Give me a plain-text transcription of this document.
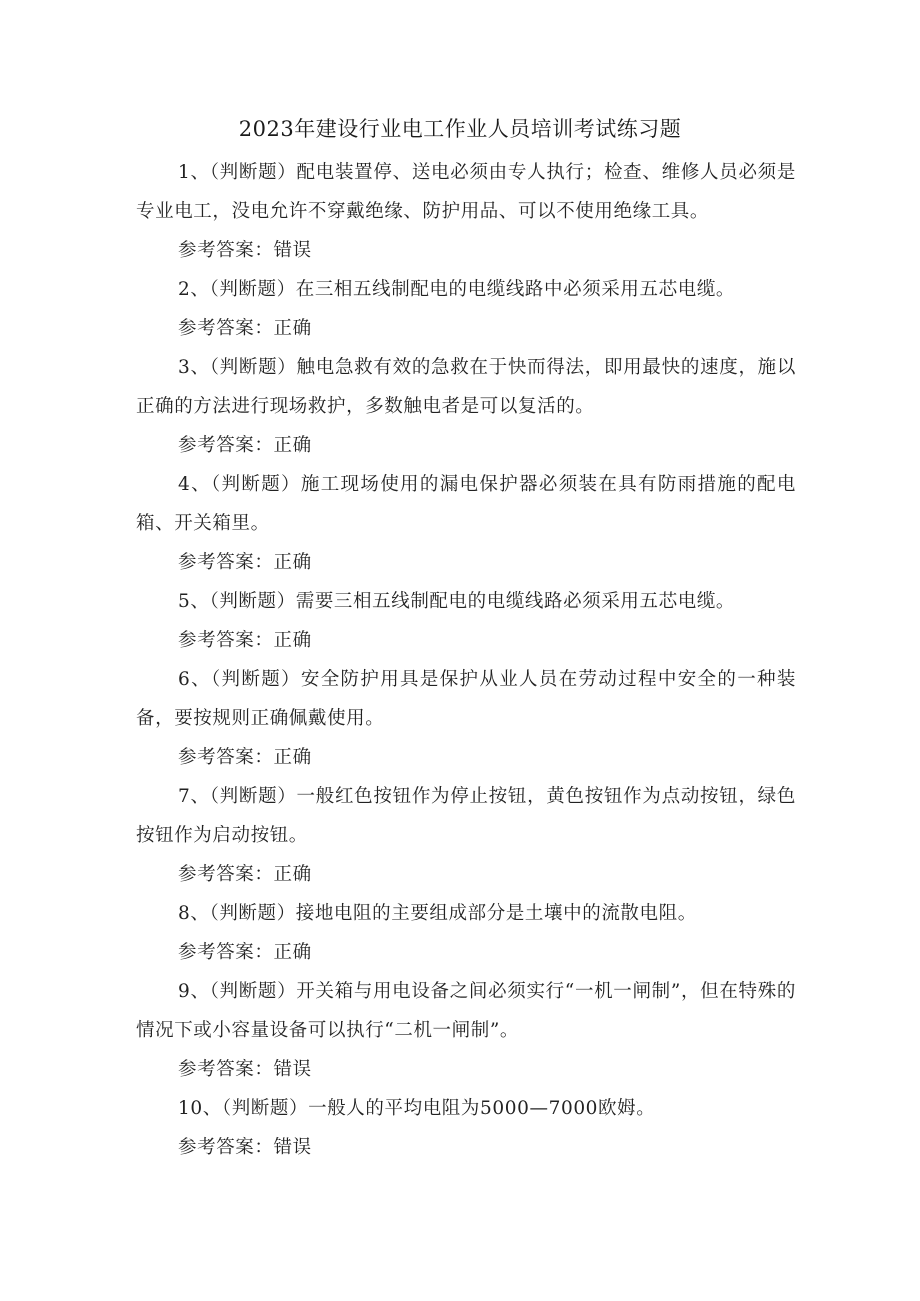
2023年建设行业电工作业人员培训考试练习题

1、（判断题）配电装置停、送电必须由专人执行；检查、维修人员必须是专业电工，没电允许不穿戴绝缘、防护用品、可以不使用绝缘工具。

参考答案：错误

2、（判断题）在三相五线制配电的电缆线路中必须采用五芯电缆。

参考答案：正确

3、（判断题）触电急救有效的急救在于快而得法，即用最快的速度，施以正确的方法进行现场救护，多数触电者是可以复活的。

参考答案：正确

4、（判断题）施工现场使用的漏电保护器必须装在具有防雨措施的配电箱、开关箱里。

参考答案：正确

5、（判断题）需要三相五线制配电的电缆线路必须采用五芯电缆。

参考答案：正确

6、（判断题）安全防护用具是保护从业人员在劳动过程中安全的一种装备，要按规则正确佩戴使用。

参考答案：正确

7、（判断题）一般红色按钮作为停止按钮，黄色按钮作为点动按钮，绿色按钮作为启动按钮。

参考答案：正确

8、（判断题）接地电阻的主要组成部分是土壤中的流散电阻。

参考答案：正确

9、（判断题）开关箱与用电设备之间必须实行“一机一闸制”，但在特殊的情况下或小容量设备可以执行“二机一闸制”。

参考答案：错误

10、（判断题）一般人的平均电阻为5000—7000欧姆。

参考答案：错误
